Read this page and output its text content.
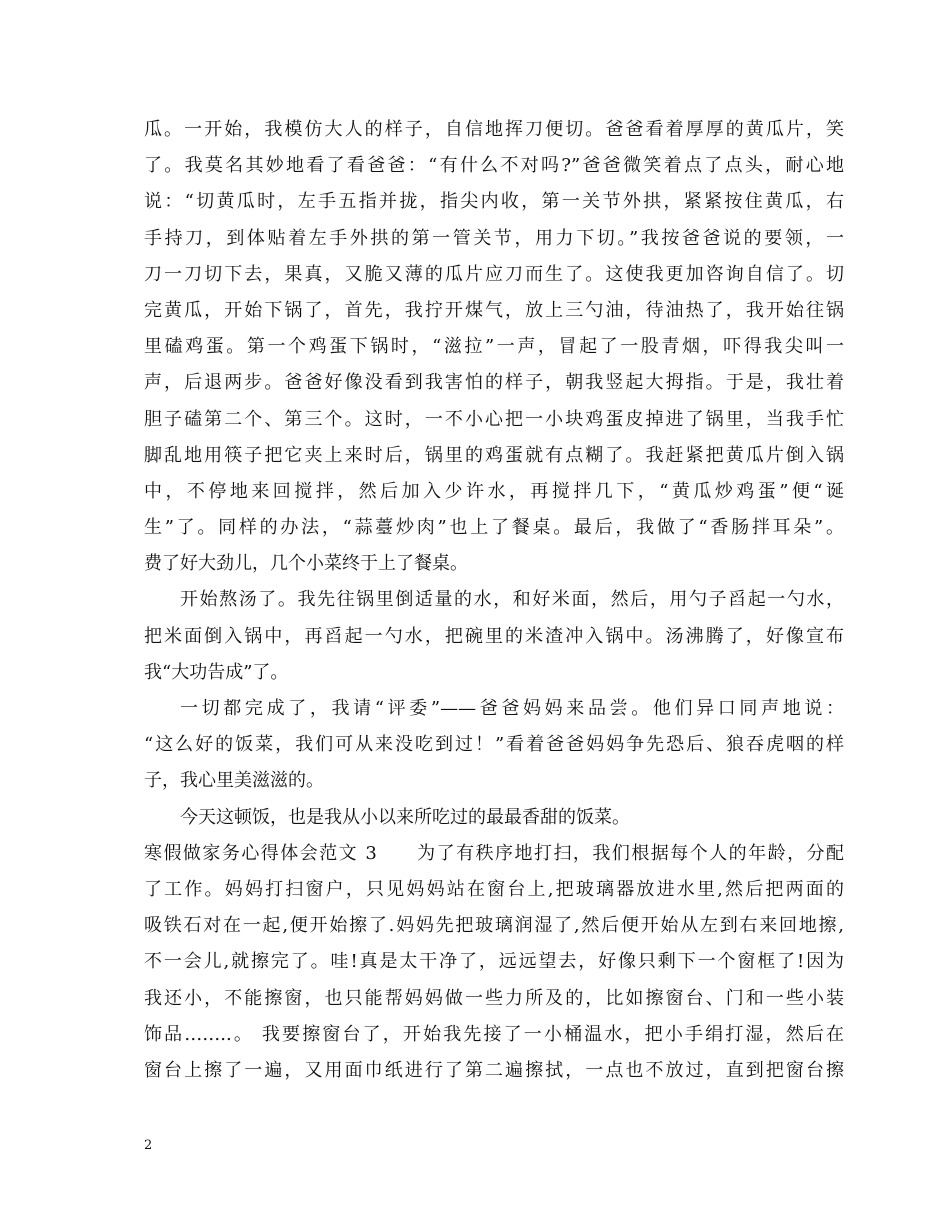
瓜。一开始，我模仿大人的样子，自信地挥刀便切。爸爸看着厚厚的黄瓜片，笑
了。我莫名其妙地看了看爸爸：“有什么不对吗?”爸爸微笑着点了点头，耐心地
说：“切黄瓜时，左手五指并拢，指尖内收，第一关节外拱，紧紧按住黄瓜，右
手持刀，到体贴着左手外拱的第一管关节，用力下切。”我按爸爸说的要领，一
刀一刀切下去，果真，又脆又薄的瓜片应刀而生了。这使我更加咨询自信了。切
完黄瓜，开始下锅了，首先，我拧开煤气，放上三勺油，待油热了，我开始往锅
里磕鸡蛋。第一个鸡蛋下锅时，“滋拉”一声，冒起了一股青烟，吓得我尖叫一
声，后退两步。爸爸好像没看到我害怕的样子，朝我竖起大拇指。于是，我壮着
胆子磕第二个、第三个。这时，一不小心把一小块鸡蛋皮掉进了锅里，当我手忙
脚乱地用筷子把它夹上来时后，锅里的鸡蛋就有点糊了。我赶紧把黄瓜片倒入锅
中，不停地来回搅拌，然后加入少许水，再搅拌几下，“黄瓜炒鸡蛋”便“诞
生”了。同样的办法，“蒜薹炒肉”也上了餐桌。最后，我做了“香肠拌耳朵”。
费了好大劲儿，几个小菜终于上了餐桌。
开始熬汤了。我先往锅里倒适量的水，和好米面，然后，用勺子舀起一勺水，
把米面倒入锅中，再舀起一勺水，把碗里的米渣冲入锅中。汤沸腾了，好像宣布
我“大功告成”了。
一切都完成了，我请“评委”——爸爸妈妈来品尝。他们异口同声地说：
“这么好的饭菜，我们可从来没吃到过！”看着爸爸妈妈争先恐后、狼吞虎咽的样
子，我心里美滋滋的。
今天这顿饭，也是我从小以来所吃过的最最香甜的饭菜。
寒假做家务心得体会范文 3　　为了有秩序地打扫，我们根据每个人的年龄，分配
了工作。妈妈打扫窗户，只见妈妈站在窗台上,把玻璃器放进水里,然后把两面的
吸铁石对在一起,便开始擦了.妈妈先把玻璃润湿了,然后便开始从左到右来回地擦,
不一会儿,就擦完了。哇!真是太干净了，远远望去，好像只剩下一个窗框了!因为
我还小，不能擦窗，也只能帮妈妈做一些力所及的，比如擦窗台、门和一些小装
饰品……..。 我要擦窗台了，开始我先接了一小桶温水，把小手绢打湿，然后在
窗台上擦了一遍，又用面巾纸进行了第二遍擦拭，一点也不放过，直到把窗台擦
2
